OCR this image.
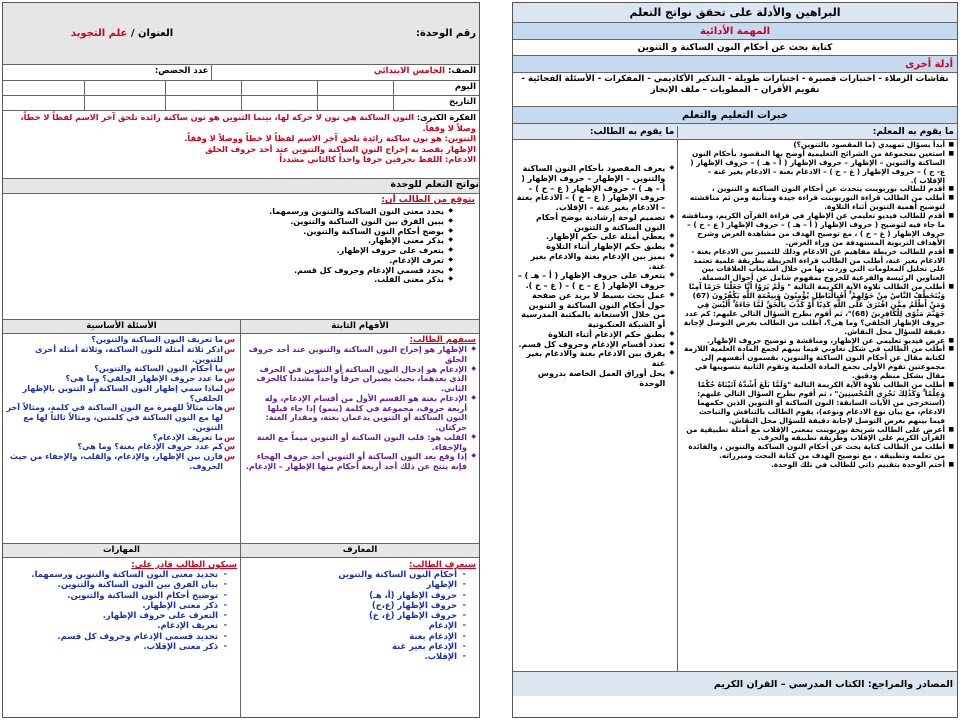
رقم الوحدة:
العنوان / علم التجويد
الصف: الخامس الابتدائي
عدد الحصص:
اليوم
التاريخ
الفكرة الكبرى: النون الساكنة هي نون لا حركة لها، بينما التنوين هو نون ساكنة زائدة تلحق آخر الاسم لفظاً لا خطاً،
وصلاً لا وقفاً.
التنوين: هو نون ساكنة زائدة تلحق آخر الاسم لفظاً لا خطاً ووصلاً لا وقفاً.
الإظهار يقصد به إخراج النون الساكنة والتنوين عند أحد حروف الحلق
الادغام: اللفظ بحرفين حرفاً واحداً كالثاني مشدداً
نواتج التعلم للوحدة
يتوقع من الطالب أن:
◆ يحدد معنى النون الساكنة والتنوين ورسمهما.
◆ يبين الفرق بين النون الساكنة والتنوين.
◆ يوضح أحكام النون الساكنة والتنوين.
◆ يذكر معنى الإظهار.
◆ يتعرف على حروف الإظهار.
◆ تعرف الإدغام.
◆ يحدد قسمي الإدغام وحروف كل قسم.
◆ يذكر معنى القلب.
الأسئلة الأساسية	الأفهام الثابتة
س ما تعريف النون الساكنة والتنوين؟
س اذكر ثلاثة أمثلة للنون الساكنة، وثلاثة أمثلة أخرى للتنوين.
س ما أحكام النون الساكنة والتنوين؟
س ما عدد حروف الإظهار الحلقي؟ وما هي؟
س لماذا سمي إظهار النون الساكنة أو التنوين بالإظهار الحلقي؟
س هات مثالاً للهمزة مع النون الساكنة في كلمة، ومثالاً آخر لها مع النون الساكنة في كلمتين، ومثالاً ثالثاً لها مع التنوين.
س ما تعريف الإدغام؟
س كم عدد حروف الإدغام بغنة؟ وما هي؟
س قارن بين الإظهار، والإدغام، والقلب، والإخفاء من حيث الحروف.
سيفهم الطالب:
◆ الإظهار هو إخراج النون الساكنة والتنوين عند أحد حروف الحلق
◆ الإدغام هو إدخال النون الساكنة أو التنوين في الحرف الذي بعدهما، بحيث يصيران حرفاً واحداً مشدداً كالحرف الثاني.
◆ الإدغام بغنة هو القسم الأول من أقسام الإدغام، وله أربعة حروف، مجموعة في كلمة (ينمو) إذا جاء قبلها النون الساكنة أو التنوين يدغمان بغنة، ومقدار الغنة: حركتان.
◆ القلب هو: قلب النون الساكنة أو التنوين ميماً مع الغنة والإخفاء.
◆ إذا وقع بعد النون الساكنة أو التنوين أحد حروف الهجاء فإنه ينتج عن ذلك أحد أربعة أحكام منها الإظهار – الإدغام.
المهارات	المعارف
سيكون الطالب قادر على:
- تحديد معنى النون الساكنة والتنوين ورسمهما.
- بيان الفرق بين النون الساكنة والتنوين.
- توضيح أحكام النون الساكنة والتنوين.
- ذكر معنى الإظهار.
- التعرف على حروف الإظهار.
- تعريف الإدغام.
- تحديد قسمي الإدغام وحروف كل قسم.
- ذكر معنى الإقلاب.
سيعرف الطالب:
- أحكام النون الساكنة والتنوين
- الإظهار
- حروف الإظهار (أ، هـ)
- حروف الإظهار (ع،ح)
- حروف الإظهار (غ، خ)
- الإدغام
- الإدغام بغنة
- الإدغام بغير غنة
- الإقلاب.
البراهين والأدلة على تحقق نواتج التعلم
المهمة الأدائية
كتابة بحث عن أحكام النون الساكنة و التنوين
أدلة أخرى
نقاشات الزملاء - اختبارات قصيرة - اختبارات طويلة - التذكير الأكاديمي - المفكرات - الأسئلة الفجائية - تقويم الأقران – المطويات – ملف الإنجاز
خبرات التعليم والتعلم
ما يقوم به المعلم:
ما يقوم به الطالب:
■ أبدأ بسؤال تمهيدي (ما المقصود بالتنوين؟)
■ استعين بمجموعة من الشرائح التعليمية أوضح بها المقصود بأحكام النون الساكنة والتنوين – الإظهار – حروف الإظهار ( أ – هـ ) – حروف الإظهار ( ع- ح ) – حروف الإظهار ( غ – خ ) – الادغام بغنة – الادغام بغير غنة – الإقلاب ).
■ أقدم للطالب بوربوينت يتحدث عن أحكام النون الساكنة و التنوين ،
■ أطلب من الطالب قراءة البوربوينت قراءة جيدة ومتأنية ومن ثم مناقشته لتوضيح أهمية التنوين أثناء التلاوة.
■ أقدم للطالب فيديو تعليمي عن الإظهار في قراءة القرآن الكريم، ومناقشة ما جاء فيه لتوضيح ( حروف الإظهار ( أ – هـ ) – حروف الإظهار ( ع – ح ) – حروف الإظهار ( غ – خ ) ، مع توضيح الهدف من مشاهدة العرض وشرح الأهداف التربوية المستهدفة من وراء العرض.
■ أقدم للطالب خريطة مفاهيم عن الادغام وذلك للتمييز بين الادغام بغنة - الادغام بغير غنة، أطلب من الطالب قراءة الخريطة بطريقة علمية تعتمد على تحليل المعلومات التي وردت بها من خلال استيعاب العلاقات بين العناوين الرئيسة والفرعية للخروج بمفهوم شامل عن أحوال البسملة.
■ أطلب من الطالب تلاوة الآية الكريمة التالية " وَلَمْ يَرَوْا أَنَّا جَعَلْنَا حَرَمًا آمِنًا وَيُتَخَطَّفُ النَّاسُ مِنْ حَوْلِهِمْ ۚ أَفَبِالْبَاطِلِ يُؤْمِنُونَ وَبِنِعْمَةِ اللَّهِ يَكْفُرُونَ (67) وَمَنْ أَظْلَمُ مِمَّنِ افْتَرَىٰ عَلَى اللَّهِ كَذِبًا أَوْ كَذَّبَ بِالْحَقِّ لَمَّا جَاءَهُ ۚ أَلَيْسَ فِي جَهَنَّمَ مَثْوًى لِلْكَافِرِينَ (68)"، ثم أقوم بطرح السؤال التالي عليهم: كم عدد حروف الإظهار الحلقي؟ وما هي؟، أطلب من الطالب بغرض التوصل لإجابة دقيقة للسؤال محل النقاش.
■ عرض فيديو تعليمي عن الإظهار، ومناقشة و توضيح حروف الإظهار.
■ أطلب من الطالب في شكل تعاوني فيما بينهم لجمع المادة العلمية اللازمة لكتابة مقال عن أحكام النون الساكنة والتنوين، بقسمون أنفسهم إلى مجموعتين تقوم الأولى بجمع المادة العلمية وتقوم الثانية بتصويبها في مقال بشكل منظم ودقيق.
■ أطلب من الطالب تلاوة الآية الكريمة التالية "وَلَمَّا بَلَغَ أَشُدَّهُ آتَيْنَاهُ حُكْمًا وَعِلْمًا ۚ وَكَذَٰلِكَ نَجْزِي الْمُحْسِنِينَ" ، ثم أقوم بطرح السؤال التالي عليهم: (استخرجي من الآيات السابقة: النون الساكنة أو التنوين الذين حكمهما الادغام، مع بيان نوع الادغام ونوعه)، يقوم الطالب بالتنافش والتباحث فيما بينهم بغرض التوصل لإجابة دقيقة للسؤال محل النقاش.
■ أعرض على الطالب شريحة بوربوينت بمعنى الإقلاب مع أمثلة تطبيقية من القرآن الكريم على الإقلاب وطريقة تطبيقه والحرف.
■ أطلب من الطالب كتابة بحث عن أحكام النون الساكنة والتنوين ، والفائدة من تعلمه وتطبيقه ، مع توضيح الهدف من كتابة البحث ومبرراته.
■ أختم الوحدة بتقييم ذاتي للطالب في تلك الوحدة.
◆ يعرف المقصود بأحكام النون الساكنة والتنوين – الإظهار – حروف الإظهار ( أ – هـ ) – حروف الإظهار ( ع – ح ) – حروف الإظهار ( غ – خ ) – الادغام بغنة – الادغام بغير غنة – الإقلاب.
◆ تصميم لوحة إرشادية يوضح أحكام النون الساكنة و التنوين
◆ يعطي أمثلة على حكم الإظهار.
◆ يطبق حكم الإظهار أثناء التلاوة
◆ يميز بين الإدغام بغنة والادغام بغير غنة.
◆ يتعرف على حروف الإظهار ( أ – هـ ) – حروف الإظهار ( ع – ح ) – ( غ – خ ).
◆ عمل بحث بسيط لا يزيد عن صفحة حول أحكام النون الساكنة و التنوين من خلال الاستعانة بالمكتبة المدرسية أو الشبكة العنكبوتية
◆ يطبق حكم الإدغام أثناء التلاوة
◆ تعدد أقسام الإدغام وحروف كل قسم.
◆ يفرق بين الادغام بغنة والادغام بغير غنة
◆ يحل أوراق العمل الخاصة بدروس الوحدة
المصادر والمراجع: الكتاب المدرسي – القران الكريم
